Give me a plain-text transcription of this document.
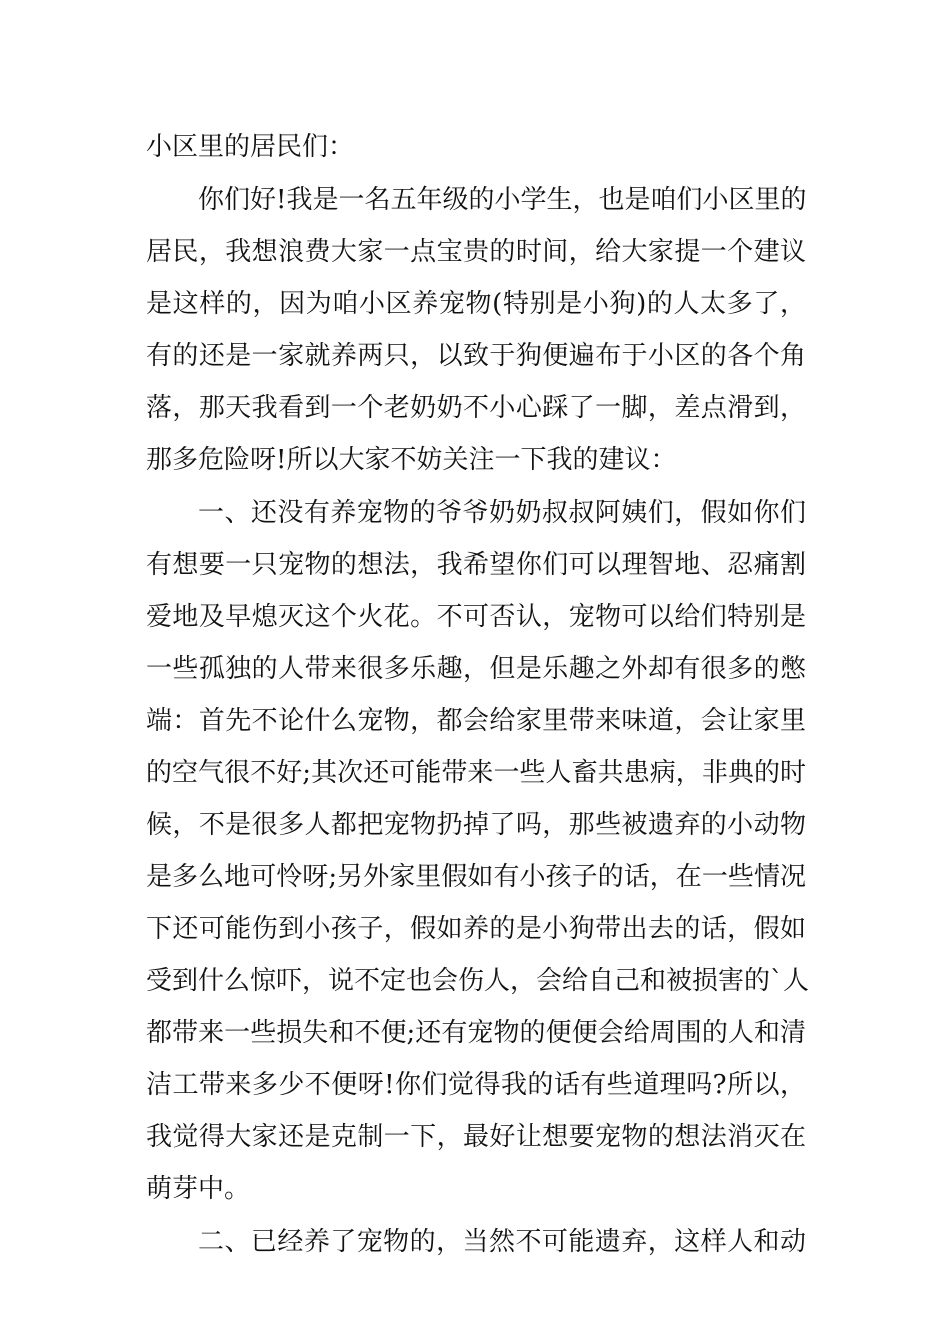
小区里的居民们：
你们好!我是一名五年级的小学生，也是咱们小区里的
居民，我想浪费大家一点宝贵的时间，给大家提一个建议
是这样的，因为咱小区养宠物(特别是小狗)的人太多了，
有的还是一家就养两只，以致于狗便遍布于小区的各个角
落，那天我看到一个老奶奶不小心踩了一脚，差点滑到，
那多危险呀!所以大家不妨关注一下我的建议：
一、还没有养宠物的爷爷奶奶叔叔阿姨们，假如你们
有想要一只宠物的想法，我希望你们可以理智地、忍痛割
爱地及早熄灭这个火花。不可否认，宠物可以给们特别是
一些孤独的人带来很多乐趣，但是乐趣之外却有很多的憋
端：首先不论什么宠物，都会给家里带来味道，会让家里
的空气很不好;其次还可能带来一些人畜共患病，非典的时
候，不是很多人都把宠物扔掉了吗，那些被遗弃的小动物
是多么地可怜呀;另外家里假如有小孩子的话，在一些情况
下还可能伤到小孩子，假如养的是小狗带出去的话，假如
受到什么惊吓，说不定也会伤人，会给自己和被损害的`人
都带来一些损失和不便;还有宠物的便便会给周围的人和清
洁工带来多少不便呀!你们觉得我的话有些道理吗?所以，
我觉得大家还是克制一下，最好让想要宠物的想法消灭在
萌芽中。
二、已经养了宠物的，当然不可能遗弃，这样人和动
